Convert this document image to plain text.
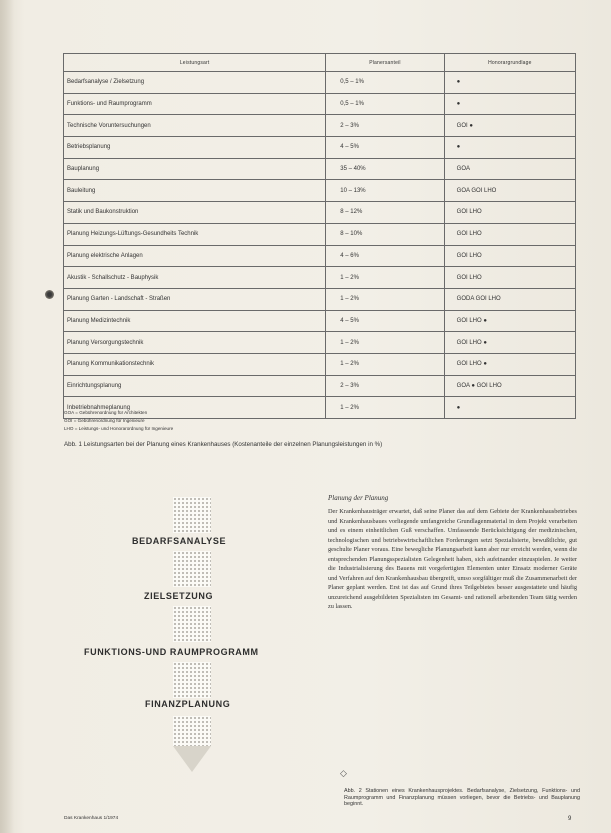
Leistungsart	Planersanteil	Honorargrundlage
Bedarfsanalyse / Zielsetzung	0,5 – 1%	●
Funktions- und Raumprogramm	0,5 – 1%	●
Technische Voruntersuchungen	2 – 3%	GOI ●
Betriebsplanung	4 – 5%	●
Bauplanung	35 – 40%	GOA
Bauleitung	10 – 13%	GOA GOI LHO
Statik und Baukonstruktion	8 – 12%	GOI LHO
Planung Heizungs-Lüftungs-Gesundheits Technik	8 – 10%	GOI LHO
Planung elektrische Anlagen	4 – 6%	GOI LHO
Akustik - Schallschutz - Bauphysik	1 – 2%	GOI LHO
Planung Garten - Landschaft - Straßen	1 – 2%	GODA GOI LHO
Planung Medizintechnik	4 – 5%	GOI LHO ●
Planung Versorgungstechnik	1 – 2%	GOI LHO ●
Planung Kommunikationstechnik	1 – 2%	GOI LHO ●
Einrichtungsplanung	2 – 3%	GOA ● GOI LHO
Inbetriebnahmeplanung	1 – 2%	●
GOA = Gebührenordnung für Architekten
GOI = Gebührenordnung für Ingenieure
LHO = Leistungs- und Honorarordnung für Ingenieure
Abb. 1 Leistungsarten bei der Planung eines Krankenhauses (Kostenanteile der einzelnen Planungsleistungen in %)
BEDARFSANALYSE
ZIELSETZUNG
FUNKTIONS-UND RAUMPROGRAMM
FINANZPLANUNG
Planung der Planung
Der Krankenhausträger erwartet, daß seine Planer das auf dem Gebiete der Krankenhausbetriebes und Krankenhausbaues vorliegende umfangreiche Grundlagenmaterial in dem Projekt verarbeiten und es einem einheitlichen Guß verschaffen. Umfassende Berücksichtigung der medizinischen, technologischen und betriebswirtschaftlichen Forderungen setzt Spezialisierte, bewußtlichte, gut geschulte Planer voraus. Eine bewegliche Planungsarbeit kann aber nur erreicht werden, wenn die entsprechenden Planungsspezialisten Gelegenheit haben, sich aufeinander einzuspielen. Je weiter die Industrialisierung des Bauens mit vorgefertigten Elementen unter Einsatz moderner Geräte und Verfahren auf den Krankenhausbau übergreift, umso sorgfältiger muß die Zusammenarbeit der Planer geplant werden. Erst ist das auf Grund ihres Teilgebietes besser ausgestattete und häufig unzureichend ausgebildeten Spezialisten im Gesamt- und rationell arbeitenden Team tätig werden zu lassen.
◇
Abb. 2 Stationen eines Krankenhausprojektes. Bedarfsanalyse, Zielsetzung, Funktions- und Raumprogramm und Finanzplanung müssen vorliegen, bevor die Betriebs- und Bauplanung beginnt.
Das Krankenhaus 1/1974	9
